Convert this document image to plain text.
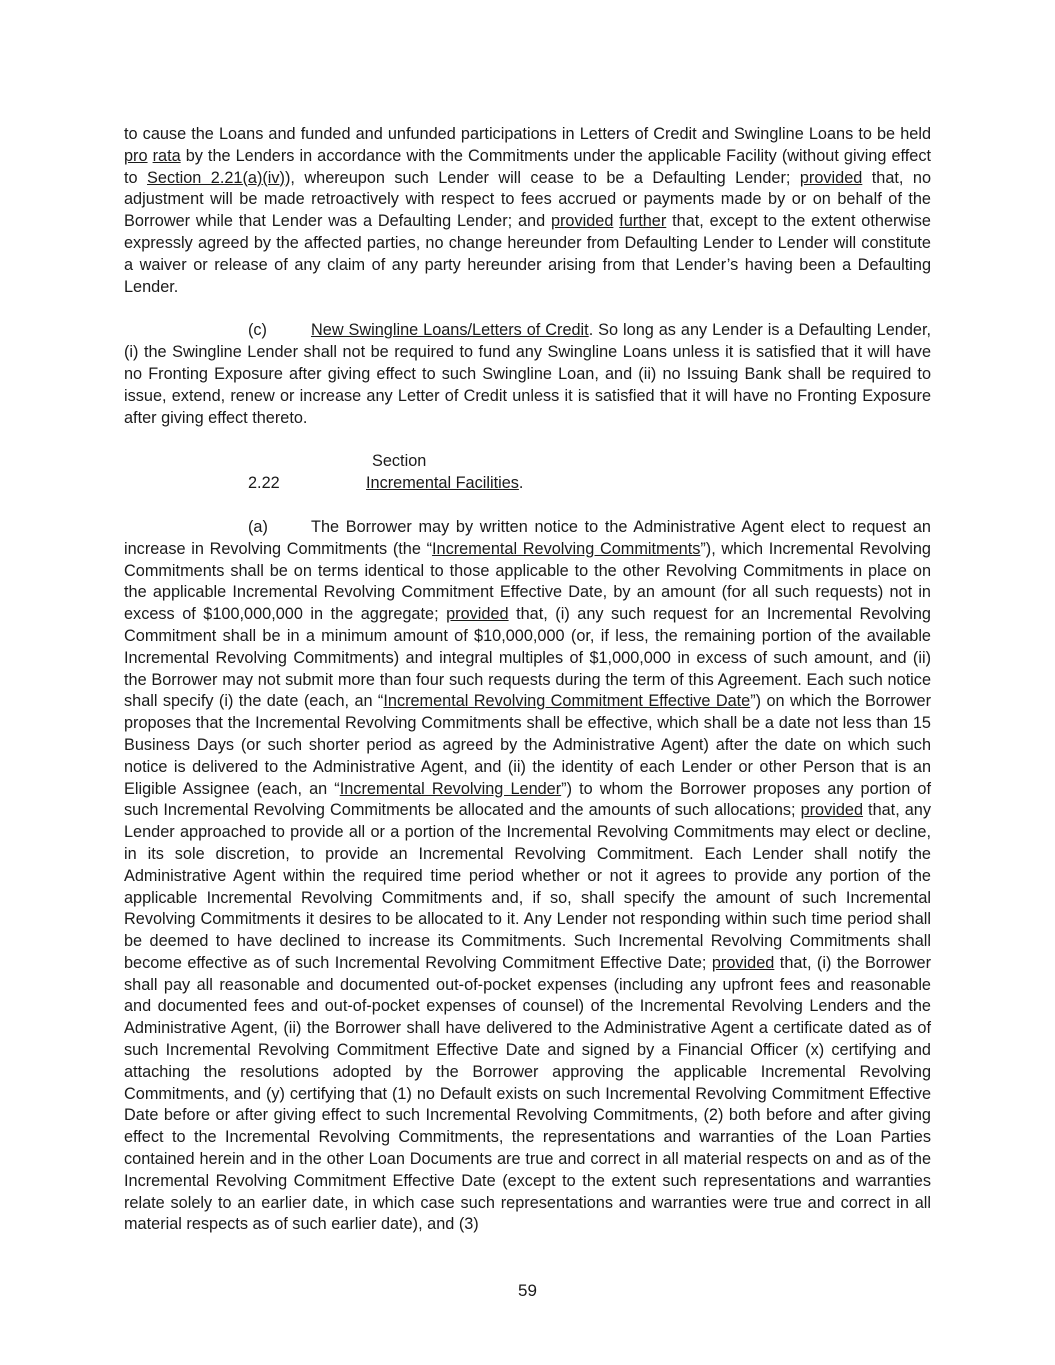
to cause the Loans and funded and unfunded participations in Letters of Credit and Swingline Loans to be held pro rata by the Lenders in accordance with the Commitments under the applicable Facility (without giving effect to Section 2.21(a)(iv)), whereupon such Lender will cease to be a Defaulting Lender; provided that, no adjustment will be made retroactively with respect to fees accrued or payments made by or on behalf of the Borrower while that Lender was a Defaulting Lender; and provided further that, except to the extent otherwise expressly agreed by the affected parties, no change hereunder from Defaulting Lender to Lender will constitute a waiver or release of any claim of any party hereunder arising from that Lender’s having been a Defaulting Lender.

(c)	New Swingline Loans/Letters of Credit. So long as any Lender is a Defaulting Lender, (i) the Swingline Lender shall not be required to fund any Swingline Loans unless it is satisfied that it will have no Fronting Exposure after giving effect to such Swingline Loan, and (ii) no Issuing Bank shall be required to issue, extend, renew or increase any Letter of Credit unless it is satisfied that it will have no Fronting Exposure after giving effect thereto.

Section 2.22	Incremental Facilities.

(a)	The Borrower may by written notice to the Administrative Agent elect to request an increase in Revolving Commitments (the “Incremental Revolving Commitments”), which Incremental Revolving Commitments shall be on terms identical to those applicable to the other Revolving Commitments in place on the applicable Incremental Revolving Commitment Effective Date, by an amount (for all such requests) not in excess of $100,000,000 in the aggregate; provided that, (i) any such request for an Incremental Revolving Commitment shall be in a minimum amount of $10,000,000 (or, if less, the remaining portion of the available Incremental Revolving Commitments) and integral multiples of $1,000,000 in excess of such amount, and (ii) the Borrower may not submit more than four such requests during the term of this Agreement. Each such notice shall specify (i) the date (each, an “Incremental Revolving Commitment Effective Date”) on which the Borrower proposes that the Incremental Revolving Commitments shall be effective, which shall be a date not less than 15 Business Days (or such shorter period as agreed by the Administrative Agent) after the date on which such notice is delivered to the Administrative Agent, and (ii) the identity of each Lender or other Person that is an Eligible Assignee (each, an “Incremental Revolving Lender”) to whom the Borrower proposes any portion of such Incremental Revolving Commitments be allocated and the amounts of such allocations; provided that, any Lender approached to provide all or a portion of the Incremental Revolving Commitments may elect or decline, in its sole discretion, to provide an Incremental Revolving Commitment. Each Lender shall notify the Administrative Agent within the required time period whether or not it agrees to provide any portion of the applicable Incremental Revolving Commitments and, if so, shall specify the amount of such Incremental Revolving Commitments it desires to be allocated to it. Any Lender not responding within such time period shall be deemed to have declined to increase its Commitments. Such Incremental Revolving Commitments shall become effective as of such Incremental Revolving Commitment Effective Date; provided that, (i) the Borrower shall pay all reasonable and documented out-of-pocket expenses (including any upfront fees and reasonable and documented fees and out-of-pocket expenses of counsel) of the Incremental Revolving Lenders and the Administrative Agent, (ii) the Borrower shall have delivered to the Administrative Agent a certificate dated as of such Incremental Revolving Commitment Effective Date and signed by a Financial Officer (x) certifying and attaching the resolutions adopted by the Borrower approving the applicable Incremental Revolving Commitments, and (y) certifying that (1) no Default exists on such Incremental Revolving Commitment Effective Date before or after giving effect to such Incremental Revolving Commitments, (2) both before and after giving effect to the Incremental Revolving Commitments, the representations and warranties of the Loan Parties contained herein and in the other Loan Documents are true and correct in all material respects on and as of the Incremental Revolving Commitment Effective Date (except to the extent such representations and warranties relate solely to an earlier date, in which case such representations and warranties were true and correct in all material respects as of such earlier date), and (3)

59
